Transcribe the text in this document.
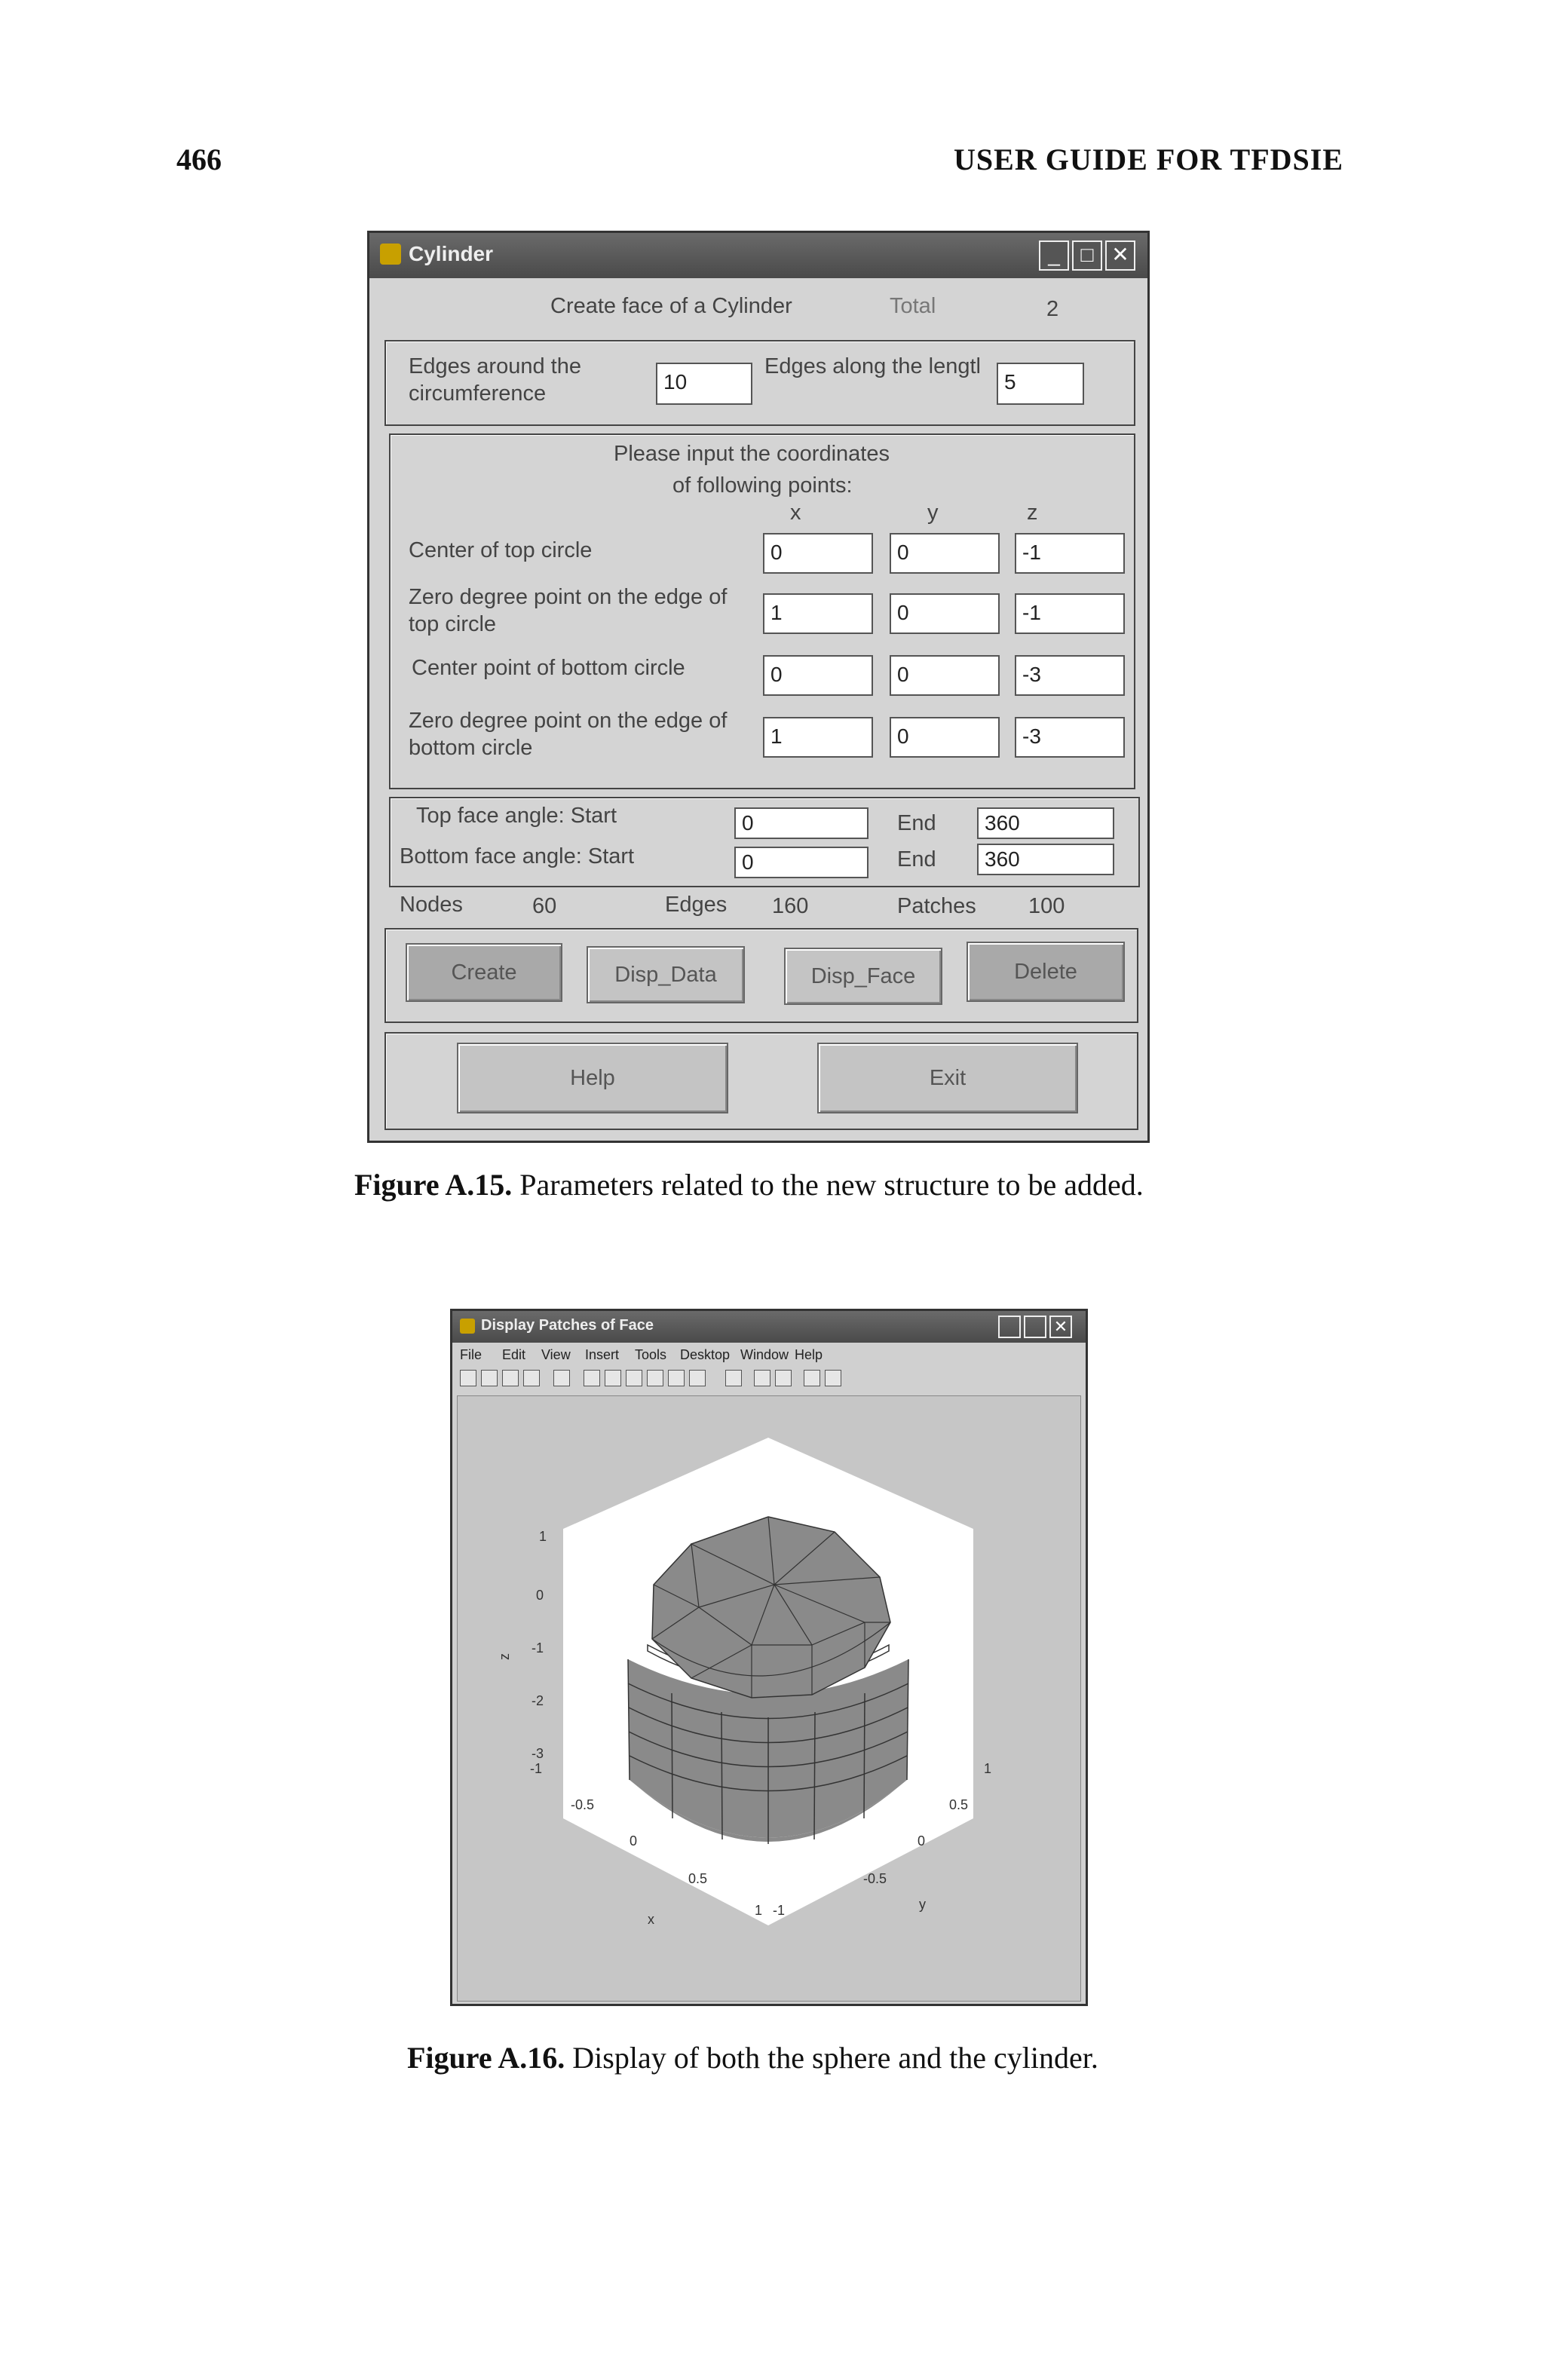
466	USER GUIDE FOR TFDSIE
Cylinder	_ □ ✕
Create face of a Cylinder	Total	2
Edges around the
circumference	10
Edges along the lengtl
5
Please input the coordinates
of following points:
x	y	z
Center of top circle	0	0	-1
Zero degree point on the edge of
top circle	1	0	-1
Center point of bottom circle	0	0	-3
Zero degree point on the edge of
bottom circle	1	0	-3
Top face angle: Start	0	End	360
Bottom face angle: Start	0	End	360
Nodes	60	Edges 160	Patches 100
Create	Disp_Data	Disp_Face	Delete
Help	Exit
Figure A.15. Parameters related to the new structure to be added.
Display Patches of Face	✕
File Edit View Insert Tools Desktop Window Help
1
0
-1
-2
-3
z
-1
-0.5
0
0.5
1
x
-1
-0.5
0
0.5
1
y
Figure A.16. Display of both the sphere and the cylinder.
